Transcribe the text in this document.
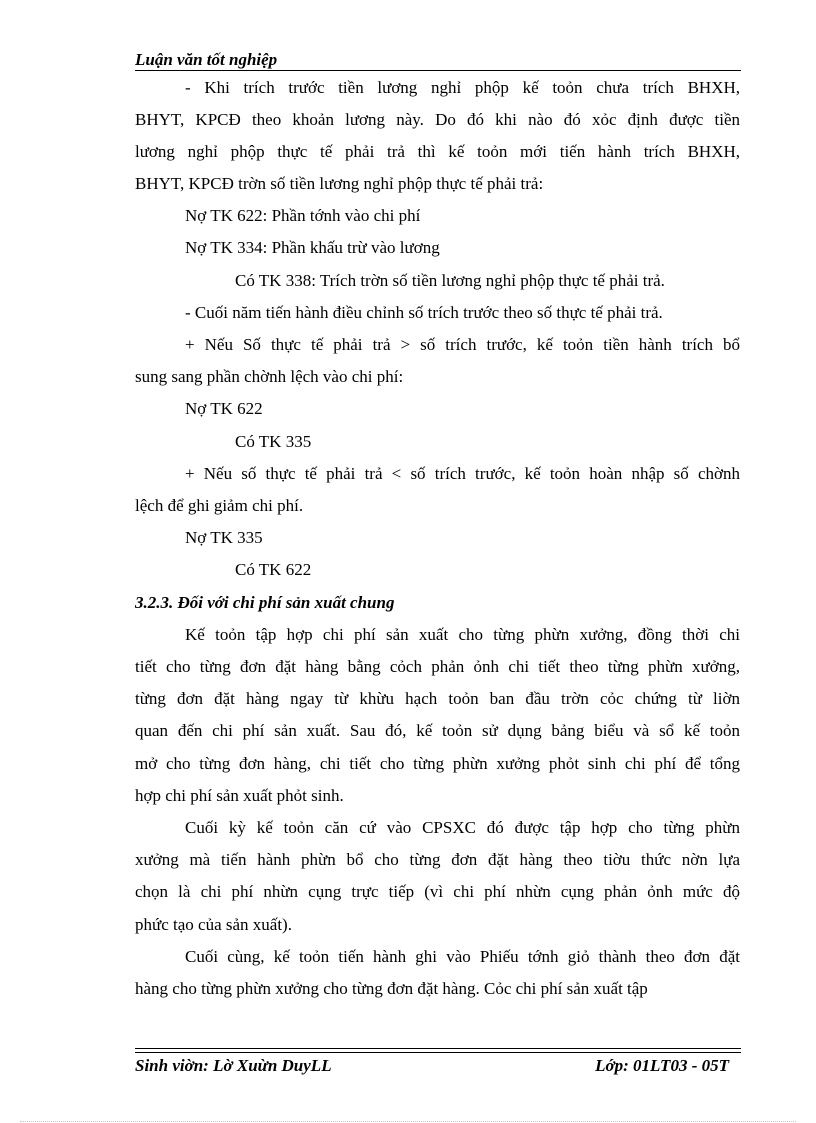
Luận văn tốt nghiệp
- Khi trích trước tiền lương nghỉ phộp kế toỏn chưa trích BHXH,
BHYT, KPCĐ theo khoản lương này. Do đó khi nào đó xỏc định được tiền
lương nghỉ phộp thực tế phải trả thì kế toỏn mới tiến hành trích BHXH,
BHYT, KPCĐ trờn số tiền lương nghỉ phộp thực tế phải trả:
Nợ TK 622: Phần tớnh vào chi phí
Nợ TK 334: Phần khấu trừ vào lương
Có TK 338: Trích trờn số tiền lương nghỉ phộp thực tế phải trả.
- Cuối năm tiến hành điều chỉnh số trích trước theo số thực tế phải trả.
+ Nếu Số thực tế phải trả > số trích trước, kế toỏn tiền hành trích bổ
sung sang phần chờnh lệch vào chi phí:
Nợ TK 622
Có TK 335
+ Nếu số thực tế phải trả < số trích trước, kế toỏn hoàn nhập số chờnh
lệch để ghi giảm chi phí.
Nợ TK 335
Có TK 622
3.2.3. Đối với chi phí sản xuất chung
Kế toỏn tập hợp chi phí sản xuất cho từng phừn xưởng, đồng thời chi
tiết cho từng đơn đặt hàng bằng cỏch phản ỏnh chi tiết theo từng phừn xưởng,
từng đơn đặt hàng ngay từ khừu hạch toỏn ban đầu trờn cỏc chứng từ liờn
quan đến chi phí sản xuất. Sau đó, kế toỏn sử dụng bảng biểu và sổ kế toỏn
mở cho từng đơn hàng, chi tiết cho từng phừn xưởng phỏt sinh chi phí để tổng
hợp chi phí sản xuất phỏt sinh.
Cuối kỳ kế toỏn căn cứ vào CPSXC đó được tập hợp cho từng phừn
xưởng mà tiến hành phừn bổ cho từng đơn đặt hàng theo tiờu thức nờn lựa
chọn là chi phí nhừn cụng trực tiếp (vì chi phí nhừn cụng phản ỏnh mức độ
phức tạo của sản xuất).
Cuối cùng, kế toỏn tiến hành ghi vào Phiếu tớnh giỏ thành theo đơn đặt
hàng cho từng phừn xưởng cho từng đơn đặt hàng. Cỏc chi phí sản xuất tập
Sinh viờn: Lờ Xuừn DuyLL	Lớp: 01LT03 - 05T
